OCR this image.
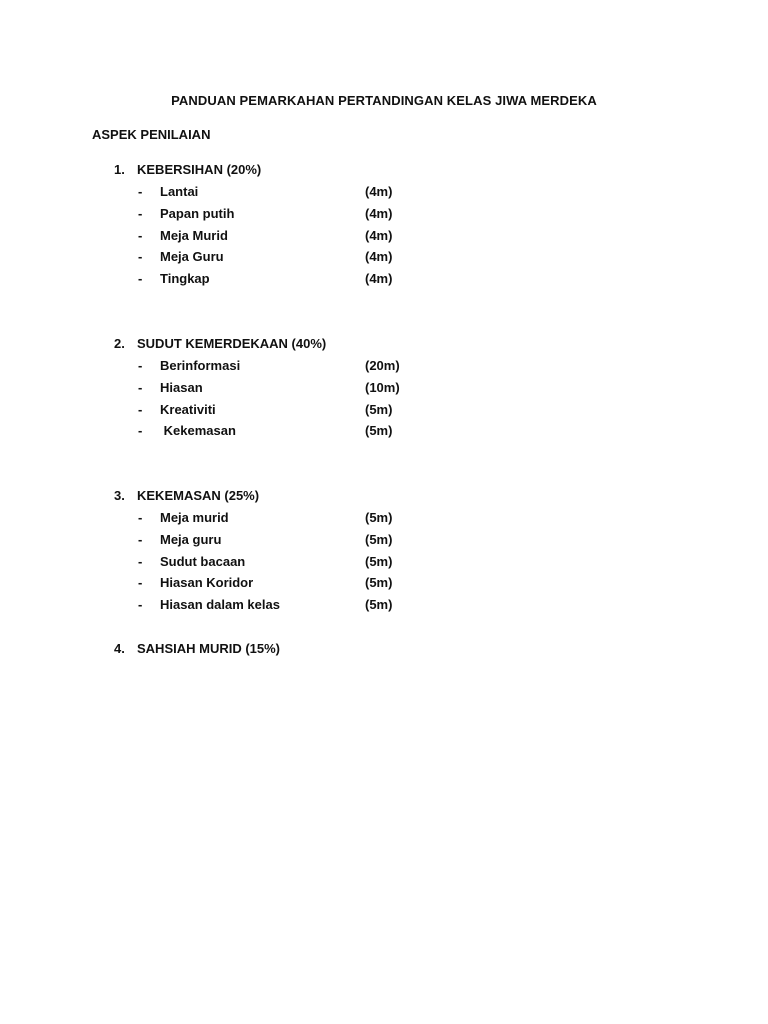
PANDUAN PEMARKAHAN PERTANDINGAN KELAS JIWA MERDEKA
ASPEK PENILAIAN
1. KEBERSIHAN (20%)
- Lantai	(4m)
- Papan putih	(4m)
- Meja Murid	(4m)
- Meja Guru	(4m)
- Tingkap	(4m)
2. SUDUT KEMERDEKAAN (40%)
- Berinformasi	(20m)
- Hiasan	(10m)
- Kreativiti	(5m)
- Kekemasan	(5m)
3. KEKEMASAN (25%)
- Meja murid	(5m)
- Meja guru	(5m)
- Sudut bacaan	(5m)
- Hiasan Koridor	(5m)
- Hiasan dalam kelas	(5m)
4. SAHSIAH MURID (15%)
